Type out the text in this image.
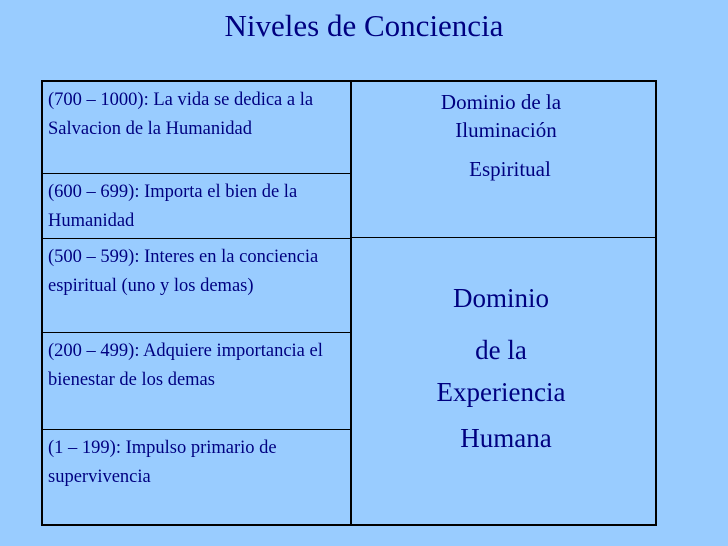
Niveles de Conciencia
(700 – 1000): La vida se dedica a la Salvacion de la Humanidad
(600 – 699): Importa el bien de la Humanidad
(500 – 599): Interes en la conciencia espiritual (uno y los demas)
(200 – 499): Adquiere importancia el bienestar de los demas
(1 – 199): Impulso primario de supervivencia
Dominio de la
Iluminación
Espiritual
Dominio
de la
Experiencia
Humana
